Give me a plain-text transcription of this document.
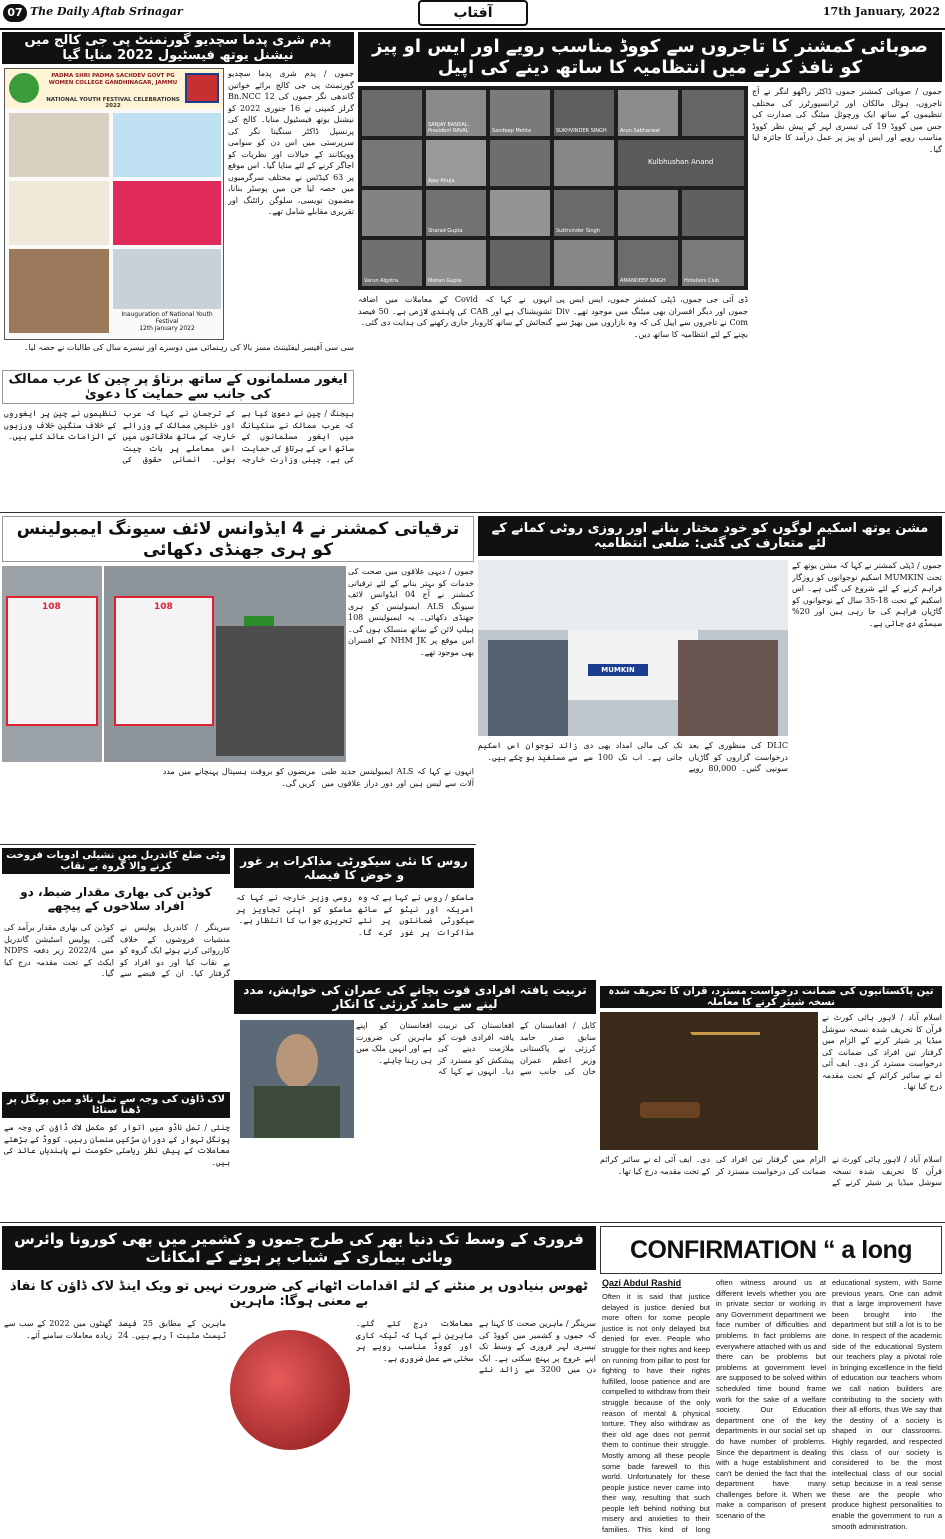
07 The Daily Aftab Srinagar	آفتاب	17th January, 2022
پدم شری پدما سچدیو گورنمنٹ پی جی کالج میں نیشنل یوتھ فیسٹیول 2022 منایا گیا
PADMA SHRI PADMA SACHDEV GOVT PG WOMEN COLLEGE GANDHINAGAR, JAMMU
NATIONAL YOUTH FESTIVAL CELEBRATIONS 2022
Inauguration of National Youth Festival
12th January 2022
جموں / پدم شری پدما سچدیو گورنمنٹ پی جی کالج برائے خواتین گاندھی نگر جموں کی Bn.NCC 12 گرلز کمپنی نے 16 جنوری 2022 کو نیشنل یوتھ فیسٹیول منایا۔ کالج کی پرنسپل ڈاکٹر سنگیتا نگر کی سرپرستی میں اس دن کو سوامی وویکانند کے خیالات اور نظریات کو اجاگر کرنے کے لئے منایا گیا۔ اس موقع پر 63 کیڈٹس نے مختلف سرگرمیوں میں حصہ لیا جن میں پوسٹر بنانا، مضمون نویسی، سلوگن رائٹنگ اور تقریری مقابلے شامل تھے۔
سی سی آفیسر لیفٹیننٹ مسز بالا کی رہنمائی میں دوسرے اور تیسرے سال کی طالبات نے حصہ لیا۔
صوبائی کمشنر کا تاجروں سے کووڈ مناسب رویے اور ایس او پیز کو نافذ کرنے میں انتظامیہ کا ساتھ دینے کی اپیل
SANJAY BANSAL, President RAVAL	Sandeep Mehta	SUKHVINDER SINGH	Arun Sabharwal
Ajay Ahuja
Kulbhushan Anand
Sharad Gupta	Sukhvinder Singh
Varun Algotra	Mohan Gupta	AMANDEEP SINGH	Hoteliers Club
جموں / صوبائی کمشنر جموں ڈاکٹر راگھو لنگر نے آج تاجروں، ہوٹل مالکان اور ٹرانسپورٹرز کی مختلف تنظیموں کے ساتھ ایک ورچوئل میٹنگ کی صدارت کی جس میں کووڈ 19 کی تیسری لہر کے پیش نظر کووڈ مناسب رویے اور ایس او پیز پر عمل درآمد کا جائزہ لیا گیا۔
ڈی آئی جی جموں، ڈپٹی کمشنر جموں، ایس ایس پی جموں اور دیگر افسران بھی میٹنگ میں موجود تھے۔ Div Com نے تاجروں سے اپیل کی کہ وہ بازاروں میں بھیڑ سے بچنے کے لئے انتظامیہ کا ساتھ دیں۔
انہوں نے کہا کہ Covid کے معاملات میں اضافہ تشویشناک ہے اور CAB کی پابندی لازمی ہے۔ 50 فیصد گنجائش کے ساتھ کاروبار جاری رکھنے کی ہدایت دی گئی۔
ایغور مسلمانوں کے ساتھ برتاؤ پر چین کا عرب ممالک کی جانب سے حمایت کا دعویٰ
بیجنگ / چین نے دعویٰ کیا ہے کہ عرب ممالک نے سنکیانگ میں ایغور مسلمانوں کے ساتھ اس کے برتاؤ کی حمایت کی ہے۔ چینی وزارت خارجہ کے ترجمان نے کہا کہ عرب اور خلیجی ممالک کے وزرائے خارجہ کے ساتھ ملاقاتوں میں اس معاملے پر بات چیت ہوئی۔ انسانی حقوق کی تنظیموں نے چین پر ایغوروں کے خلاف سنگین خلاف ورزیوں کے الزامات عائد کئے ہیں۔
ترقیاتی کمشنر نے 4 ایڈوانس لائف سیونگ ایمبولینس کو ہری جھنڈی دکھائی
108	108
جموں / دیہی علاقوں میں صحت کی خدمات کو بہتر بنانے کے لئے ترقیاتی کمشنر نے آج 04 ایڈوانس لائف سیونگ ALS ایمبولینس کو ہری جھنڈی دکھائی۔ یہ ایمبولینس 108 ہیلپ لائن کے ساتھ منسلک ہوں گی۔ اس موقع پر NHM JK کے افسران بھی موجود تھے۔
انہوں نے کہا کہ ALS ایمبولینس جدید طبی آلات سے لیس ہیں اور دور دراز علاقوں میں مریضوں کو بروقت ہسپتال پہنچانے میں مدد کریں گی۔
مشن یوتھ اسکیم لوگوں کو خود مختار بنانے اور روزی روٹی کمانے کے لئے متعارف کی گئی: ضلعی انتظامیہ
MUMKIN
جموں / ڈپٹی کمشنر نے کہا کہ مشن یوتھ کے تحت MUMKIN اسکیم نوجوانوں کو روزگار فراہم کرنے کے لئے شروع کی گئی ہے۔ اس اسکیم کے تحت 18-35 سال کے نوجوانوں کو گاڑیاں فراہم کی جا رہی ہیں اور 20% سبسڈی دی جاتی ہے۔
DLIC کی منظوری کے بعد درخواست گزاروں کو گاڑیاں سونپی گئیں۔ 80,000 روپے تک کی مالی امداد بھی دی جاتی ہے۔ اب تک 100 سے زائد نوجوان اس اسکیم سے مستفید ہو چکے ہیں۔
وٹی ضلع کاندربل میں نشیلی ادویات فروخت کرنے والا گروہ بے نقاب
کوڈین کی بھاری مقدار ضبط، دو افراد سلاخوں کے پیچھے
سرینگر / کاندربل پولیس نے منشیات فروشوں کے خلاف کارروائی کرتے ہوئے ایک گروہ کو بے نقاب کیا اور دو افراد کو گرفتار کیا۔ ان کے قبضے سے کوڈین کی بھاری مقدار برآمد کی گئی۔ پولیس اسٹیشن گاندربل میں 2022/4 زیر دفعہ NDPS ایکٹ کے تحت مقدمہ درج کیا گیا۔
روس کا نئی سیکورٹی مذاکرات پر غور و خوض کا فیصلہ
ماسکو / روس نے کہا ہے کہ وہ امریکہ اور نیٹو کے ساتھ سیکورٹی ضمانتوں پر نئے مذاکرات پر غور کرے گا۔ روسی وزیر خارجہ نے کہا کہ ماسکو کو اپنی تجاویز پر تحریری جواب کا انتظار ہے۔
لاک ڈاؤن کی وجہ سے تمل ناڈو میں پونگل پر ڈھنا ستاٹا
چنئی / تمل ناڈو میں اتوار کو مکمل لاک ڈاؤن کی وجہ سے پونگل تہوار کے دوران سڑکیں سنسان رہیں۔ کووڈ کے بڑھتے معاملات کے پیش نظر ریاستی حکومت نے پابندیاں عائد کی ہیں۔
تربیت یافتہ افرادی قوت بچانے کی عمران کی خواہش، مدد لینے سے حامد کرزئی کا انکار
کابل / افغانستان کے سابق صدر حامد کرزئی نے پاکستانی وزیر اعظم عمران خان کی جانب سے افغانستان کی تربیت یافتہ افرادی قوت کو ملازمت دینے کی پیشکش کو مسترد کر دیا۔ انہوں نے کہا کہ افغانستان کو اپنے ماہرین کی ضرورت ہے اور انہیں ملک میں ہی رہنا چاہئے۔
تین پاکستانیوں کی ضمانت درخواست مسترد، قرآن کا تحریف شدہ نسخہ شیئر کرنے کا معاملہ
اسلام آباد / لاہور ہائی کورٹ نے قرآن کا تحریف شدہ نسخہ سوشل میڈیا پر شیئر کرنے کے الزام میں گرفتار تین افراد کی ضمانت کی درخواست مسترد کر دی۔ ایف آئی اے نے سائبر کرائم کے تحت مقدمہ درج کیا تھا۔
اسلام آباد / لاہور ہائی کورٹ نے قرآن کا تحریف شدہ نسخہ سوشل میڈیا پر شیئر کرنے کے الزام میں گرفتار تین افراد کی ضمانت کی درخواست مسترد کر دی۔ ایف آئی اے نے سائبر کرائم کے تحت مقدمہ درج کیا تھا۔
فروری کے وسط تک دنیا بھر کی طرح جموں و کشمیر میں بھی کورونا وائرس وبائی بیماری کے شباب پر ہونے کے امکانات
ٹھوس بنیادوں پر منٹنے کے لئے اقدامات اٹھانے کی ضرورت نہیں تو ویک اینڈ لاک ڈاؤن کا نفاذ بے معنی ہوگا: ماہرین
سرینگر / ماہرین صحت کا کہنا ہے کہ جموں و کشمیر میں کووڈ کی تیسری لہر فروری کے وسط تک اپنے عروج پر پہنچ سکتی ہے۔ ایک دن میں 3200 سے زائد نئے معاملات درج کئے گئے۔ ماہرین نے کہا کہ ٹیکہ کاری اور کووڈ مناسب رویے پر سختی سے عمل ضروری ہے۔
ماہرین کے مطابق 25 فیصد ٹیسٹ مثبت آ رہے ہیں۔ 24 گھنٹوں میں 2022 کے سب سے زیادہ معاملات سامنے آئے۔
CONFIRMATION “ a long
Qazi Abdul Rashid
Often it is said that justice delayed is justice denied but more often for some people justice is not only delayed but denied for ever. People who struggle for their rights and keep on running from pillar to post for fighting to have their rights fulfilled, loose patience and are compelled to withdraw from their struggle because of the only reason of mental & physical torture. They also withdraw as their old age does not permit them to continue their struggle. Mostly among all these people some bade farewell to this world. Unfortunately for these people justice never came into their way, resulting that such people left behind nothing but misery and anxieties to their families. This kind of long
often witness around us at different levels whether you are in private sector or working in any Government department we face number of difficulties and problems. In fact problems are everywhere attached with us and there can be problems but problems at government level are supposed to be solved within scheduled time bound frame work for the sake of a welfare society. Our Education department one of the key departments in our social set up do have number of problems. Since the department is dealing with a huge establishment and can't be denied the fact that the department have many challenges before it. When we make a comparison of present scenario of the
educational system, with Some previous years. One can admit that a large improvement have been brought into the department but still a lot is to be done. In respect of the academic side of the educational System our teachers play a pivotal role in bringing excellence in the field of education our teachers whom we call nation builders are contributing to the society with their all efforts, thus We say that the destiny of a society is shaped in our classrooms. Highly regarded, and respected this class of our society is considered to be the most intellectual class of our social setup because in a real sense these are the people who produce highest personalities to enable the government to run a smooth administration.
